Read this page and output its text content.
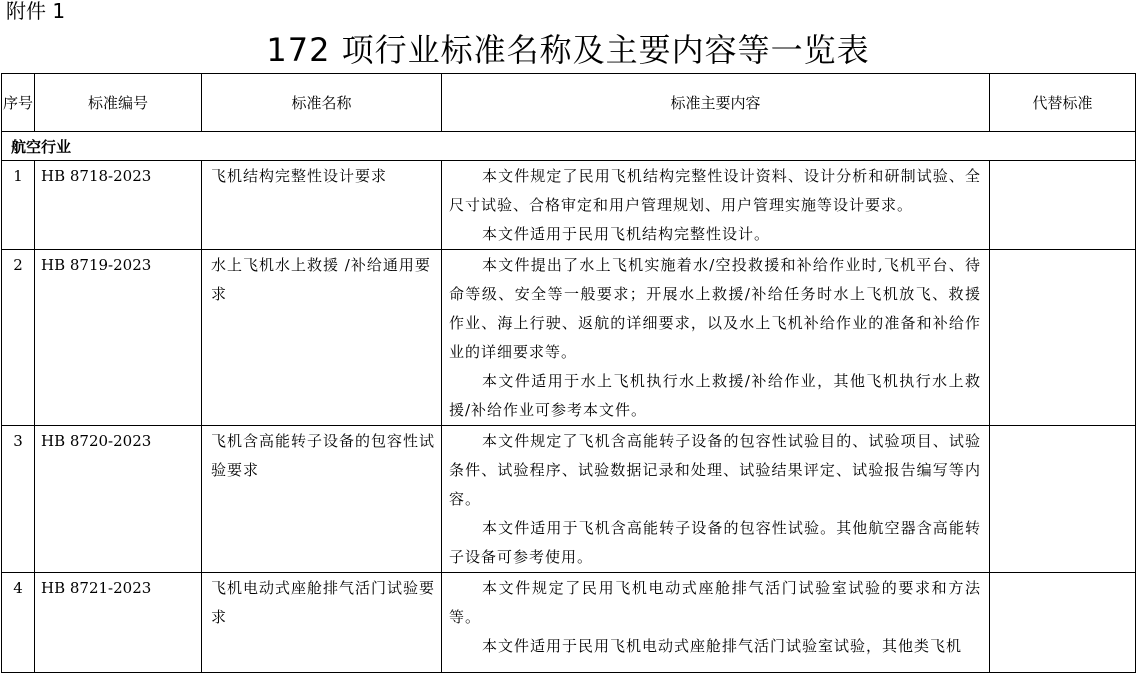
附件 1
172 项行业标准名称及主要内容等一览表
序号	标准编号	标准名称	标准主要内容	代替标准
航空行业				
1	HB 8718-2023	飞机结构完整性设计要求	本文件规定了民用飞机结构完整性设计资料、设计分析和研制试验、全尺寸试验、合格审定和用户管理规划、用户管理实施等设计要求。

本文件适用于民用飞机结构完整性设计。	

2	HB 8719-2023	水上飞机水上救援 /补给通用要求	本文件提出了水上飞机实施着水/空投救援和补给作业时,飞机平台、待命等级、安全等一般要求；开展水上救援/补给任务时水上飞机放飞、救援作业、海上行驶、返航的详细要求，以及水上飞机补给作业的准备和补给作业的详细要求等。

本文件适用于水上飞机执行水上救援/补给作业，其他飞机执行水上救援/补给作业可参考本文件。	

3	HB 8720-2023	飞机含高能转子设备的包容性试验要求	本文件规定了飞机含高能转子设备的包容性试验目的、试验项目、试验条件、试验程序、试验数据记录和处理、试验结果评定、试验报告编写等内容。

本文件适用于飞机含高能转子设备的包容性试验。其他航空器含高能转子设备可参考使用。	

4	HB 8721-2023	飞机电动式座舱排气活门试验要求	本文件规定了民用飞机电动式座舱排气活门试验室试验的要求和方法等。

本文件适用于民用飞机电动式座舱排气活门试验室试验，其他类飞机	
